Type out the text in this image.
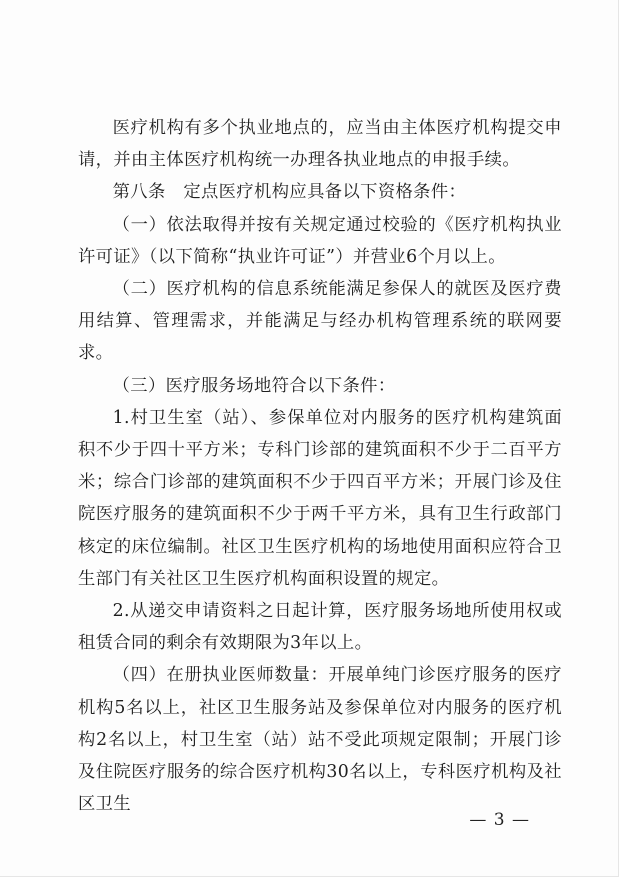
医疗机构有多个执业地点的，应当由主体医疗机构提交申请，并由主体医疗机构统一办理各执业地点的申报手续。

第八条　定点医疗机构应具备以下资格条件：

（一）依法取得并按有关规定通过校验的《医疗机构执业许可证》（以下简称“执业许可证”）并营业6个月以上。

（二）医疗机构的信息系统能满足参保人的就医及医疗费用结算、管理需求，并能满足与经办机构管理系统的联网要求。

（三）医疗服务场地符合以下条件：

1.村卫生室（站）、参保单位对内服务的医疗机构建筑面积不少于四十平方米；专科门诊部的建筑面积不少于二百平方米；综合门诊部的建筑面积不少于四百平方米；开展门诊及住院医疗服务的建筑面积不少于两千平方米，具有卫生行政部门核定的床位编制。社区卫生医疗机构的场地使用面积应符合卫生部门有关社区卫生医疗机构面积设置的规定。

2.从递交申请资料之日起计算，医疗服务场地所使用权或租赁合同的剩余有效期限为3年以上。

（四）在册执业医师数量：开展单纯门诊医疗服务的医疗机构5名以上，社区卫生服务站及参保单位对内服务的医疗机构2名以上，村卫生室（站）站不受此项规定限制；开展门诊及住院医疗服务的综合医疗机构30名以上，专科医疗机构及社区卫生

— 3 —
